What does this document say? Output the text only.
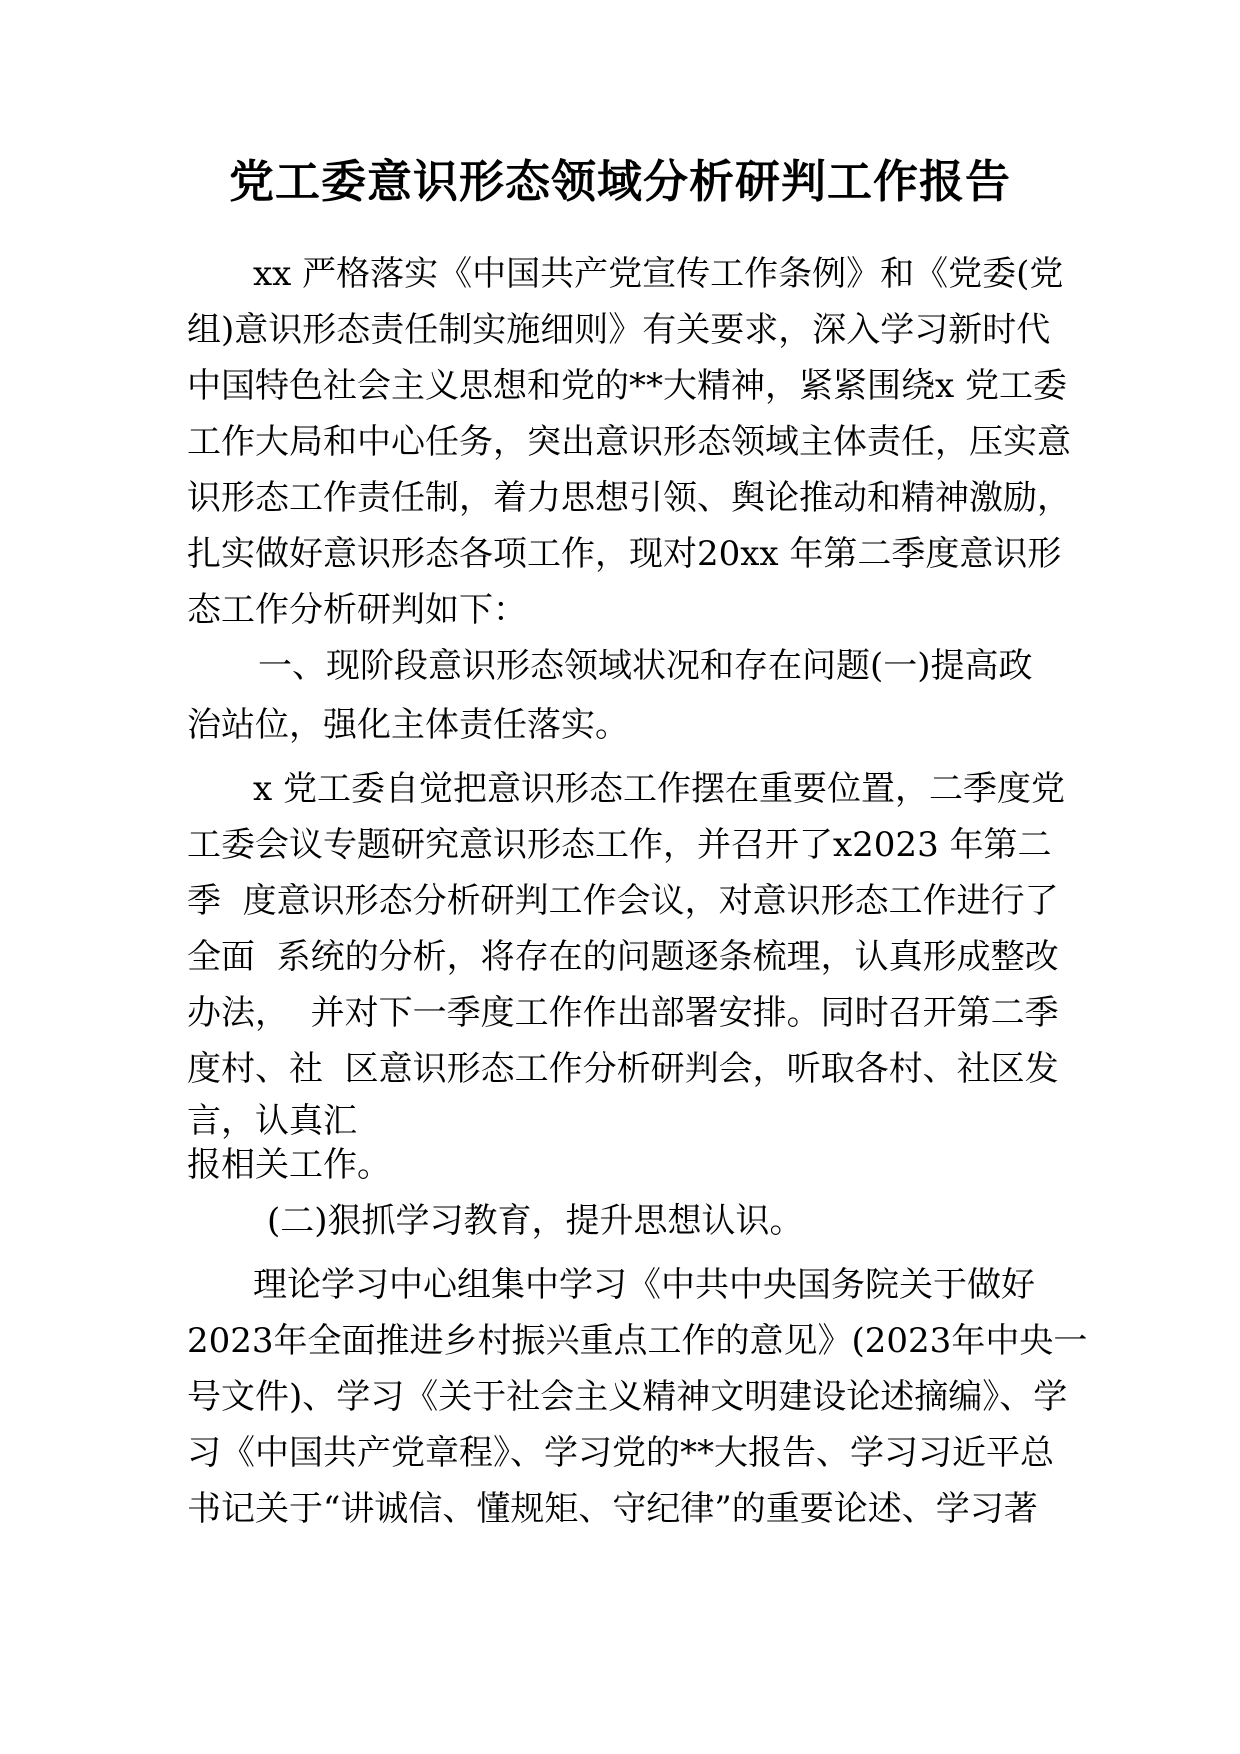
党工委意识形态领域分析研判工作报告
xx 严格落实《中国共产党宣传工作条例》和《党委(党
组)意识形态责任制实施细则》有关要求，深入学习新时代
中国特色社会主义思想和党的**大精神，紧紧围绕x 党工委
工作大局和中心任务，突出意识形态领域主体责任，压实意
识形态工作责任制，着力思想引领、舆论推动和精神激励，
扎实做好意识形态各项工作，现对20xx 年第二季度意识形
态工作分析研判如下：
一、现阶段意识形态领域状况和存在问题(一)提高政
治站位，强化主体责任落实。
x 党工委自觉把意识形态工作摆在重要位置，二季度党
工委会议专题研究意识形态工作，并召开了x2023 年第二
季  度意识形态分析研判工作会议，对意识形态工作进行了
全面  系统的分析，将存在的问题逐条梳理，认真形成整改
办法，  并对下一季度工作作出部署安排。同时召开第二季
度村、社  区意识形态工作分析研判会，听取各村、社区发
言，认真汇
报相关工作。
(二)狠抓学习教育，提升思想认识。
理论学习中心组集中学习《中共中央国务院关于做好
2023年全面推进乡村振兴重点工作的意见》(2023年中央一
号文件)、学习《关于社会主义精神文明建设论述摘编》、学
习《中国共产党章程》、学习党的**大报告、学习习近平总
书记关于“讲诚信、懂规矩、守纪律”的重要论述、学习著
